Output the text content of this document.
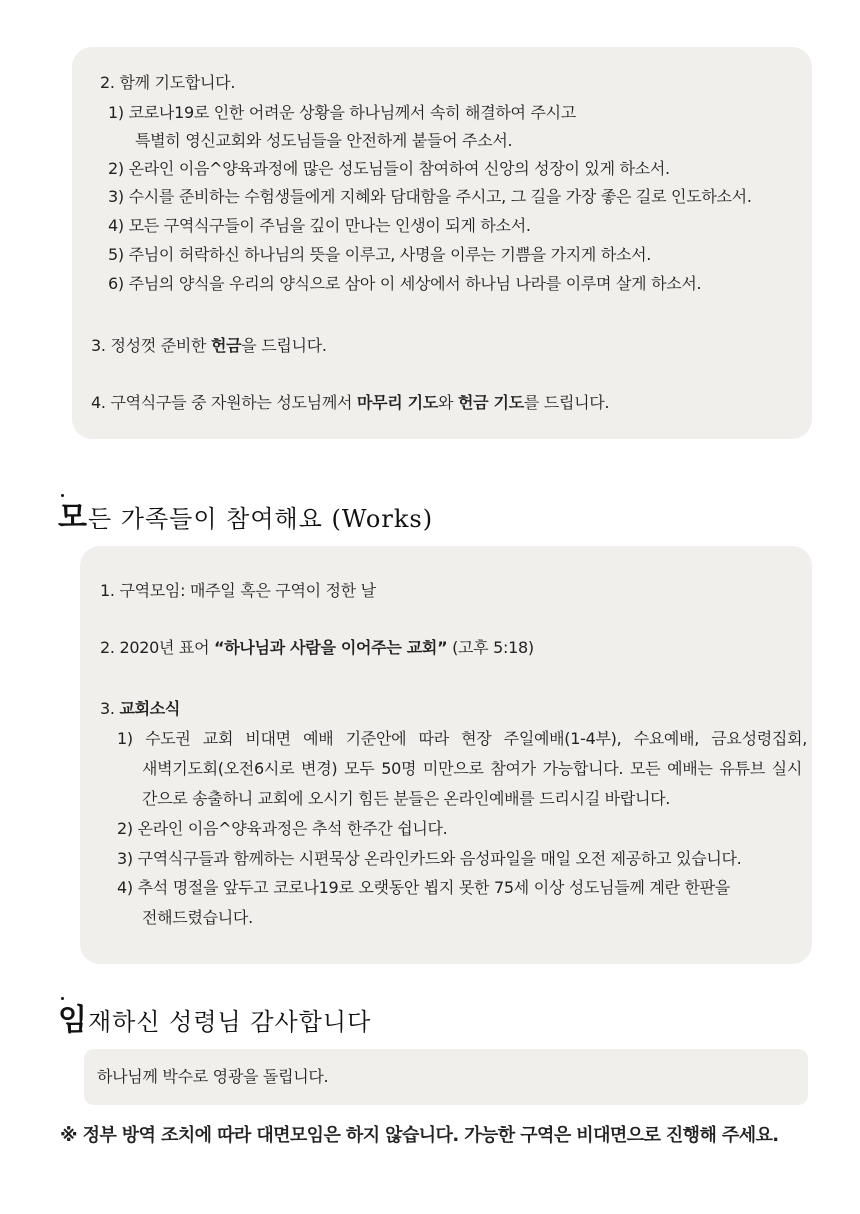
2. 함께 기도합니다.
1) 코로나19로 인한 어려운 상황을 하나님께서 속히 해결하여 주시고
특별히 영신교회와 성도님들을 안전하게 붙들어 주소서.
2) 온라인 이음^양육과정에 많은 성도님들이 참여하여 신앙의 성장이 있게 하소서.
3) 수시를 준비하는 수험생들에게 지혜와 담대함을 주시고, 그 길을 가장 좋은 길로 인도하소서.
4) 모든 구역식구들이 주님을 깊이 만나는 인생이 되게 하소서.
5) 주님이 허락하신 하나님의 뜻을 이루고, 사명을 이루는 기쁨을 가지게 하소서.
6) 주님의 양식을 우리의 양식으로 삼아 이 세상에서 하나님 나라를 이루며 살게 하소서.
3. 정성껏 준비한 헌금을 드립니다.
4. 구역식구들 중 자원하는 성도님께서 마무리 기도와 헌금 기도를 드립니다.
모든 가족들이 참여해요 (Works)
1. 구역모임: 매주일 혹은 구역이 정한 날
2. 2020년 표어 “하나님과 사람을 이어주는 교회” (고후 5:18)
3. 교회소식
1) 수도권 교회 비대면 예배 기준안에 따라 현장 주일예배(1-4부), 수요예배, 금요성령집회,
새벽기도회(오전6시로 변경) 모두 50명 미만으로 참여가 가능합니다. 모든 예배는 유튜브 실시
간으로 송출하니 교회에 오시기 힘든 분들은 온라인예배를 드리시길 바랍니다.
2) 온라인 이음^양육과정은 추석 한주간 쉽니다.
3) 구역식구들과 함께하는 시편묵상 온라인카드와 음성파일을 매일 오전 제공하고 있습니다.
4) 추석 명절을 앞두고 코로나19로 오랫동안 뵙지 못한 75세 이상 성도님들께 계란 한판을
전해드렸습니다.
임재하신 성령님 감사합니다
하나님께 박수로 영광을 돌립니다.
※ 정부 방역 조치에 따라 대면모임은 하지 않습니다. 가능한 구역은 비대면으로 진행해 주세요.
